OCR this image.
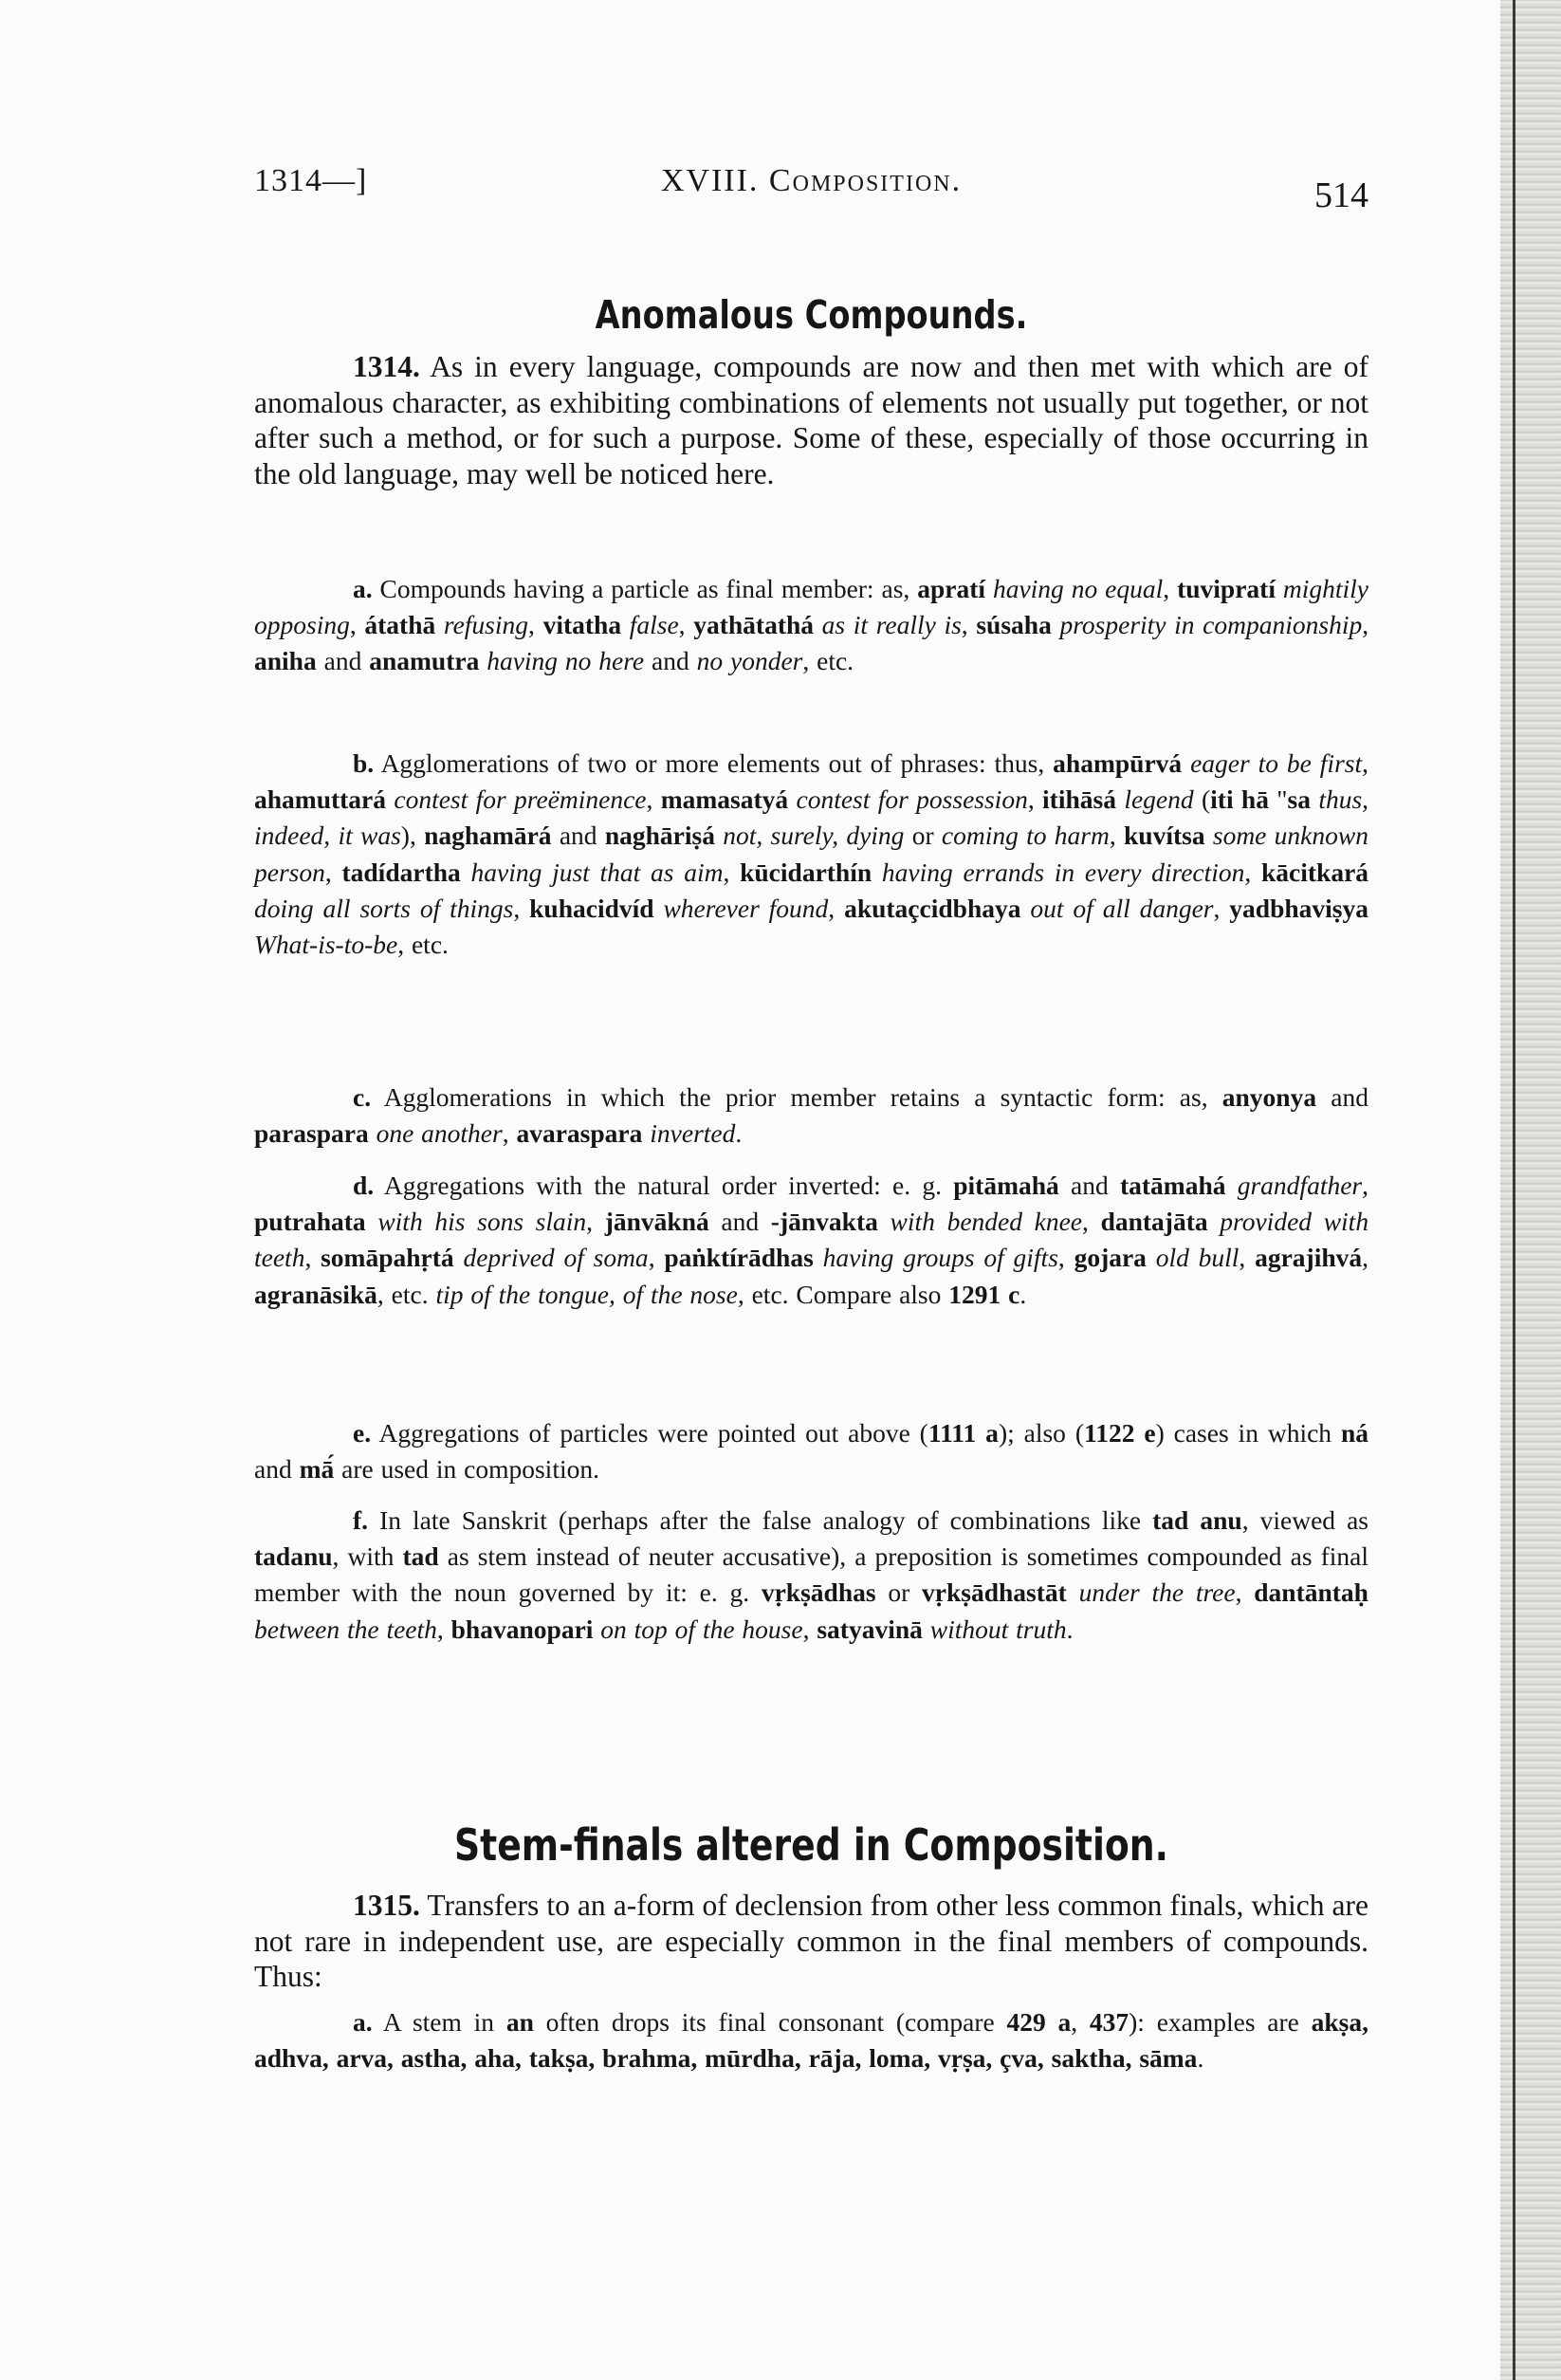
1314—]	XVIII. Composition.	514
Anomalous Compounds.

1314. As in every language, compounds are now and then met with which are of anomalous character, as exhibiting combinations of elements not usually put together, or not after such a method, or for such a purpose. Some of these, especially of those occurring in the old language, may well be noticed here.

a. Compounds having a particle as final member: as, apratí having no equal, tuvipratí mightily opposing, átathā refusing, vitatha false, yathātathá as it really is, súsaha prosperity in companionship, aniha and anamutra having no here and no yonder, etc.

b. Agglomerations of two or more elements out of phrases: thus, ahampūrvá eager to be first, ahamuttará contest for preëminence, mamasatyá contest for possession, itihāsá legend (iti hā "sa thus, indeed, it was), naghamārá and naghāriṣá not, surely, dying or coming to harm, kuvítsa some unknown person, tadídartha having just that as aim, kūcidarthín having errands in every direction, kācitkará doing all sorts of things, kuhacidvíd wherever found, akutaçcidbhaya out of all danger, yadbhaviṣya What-is-to-be, etc.

c. Agglomerations in which the prior member retains a syntactic form: as, anyonya and paraspara one another, avaraspara inverted.

d. Aggregations with the natural order inverted: e. g. pitāmahá and tatāmahá grandfather, putrahata with his sons slain, jānvākná and -jānvakta with bended knee, dantajāta provided with teeth, somāpahṛtá deprived of soma, paṅktírādhas having groups of gifts, gojara old bull, agrajihvá, agranāsikā, etc. tip of the tongue, of the nose, etc. Compare also 1291 c.

e. Aggregations of particles were pointed out above (1111 a); also (1122 e) cases in which ná and mā́ are used in composition.

f. In late Sanskrit (perhaps after the false analogy of combinations like tad anu, viewed as tadanu, with tad as stem instead of neuter accusative), a preposition is sometimes compounded as final member with the noun governed by it: e. g. vṛkṣādhas or vṛkṣādhastāt under the tree, dantāntaḥ between the teeth, bhavanopari on top of the house, satyavinā without truth.

Stem-finals altered in Composition.

1315. Transfers to an a-form of declension from other less common finals, which are not rare in independent use, are especially common in the final members of compounds. Thus:

a. A stem in an often drops its final consonant (compare 429 a, 437): examples are akṣa, adhva, arva, astha, aha, takṣa, brahma, mūrdha, rāja, loma, vṛṣa, çva, saktha, sāma.
